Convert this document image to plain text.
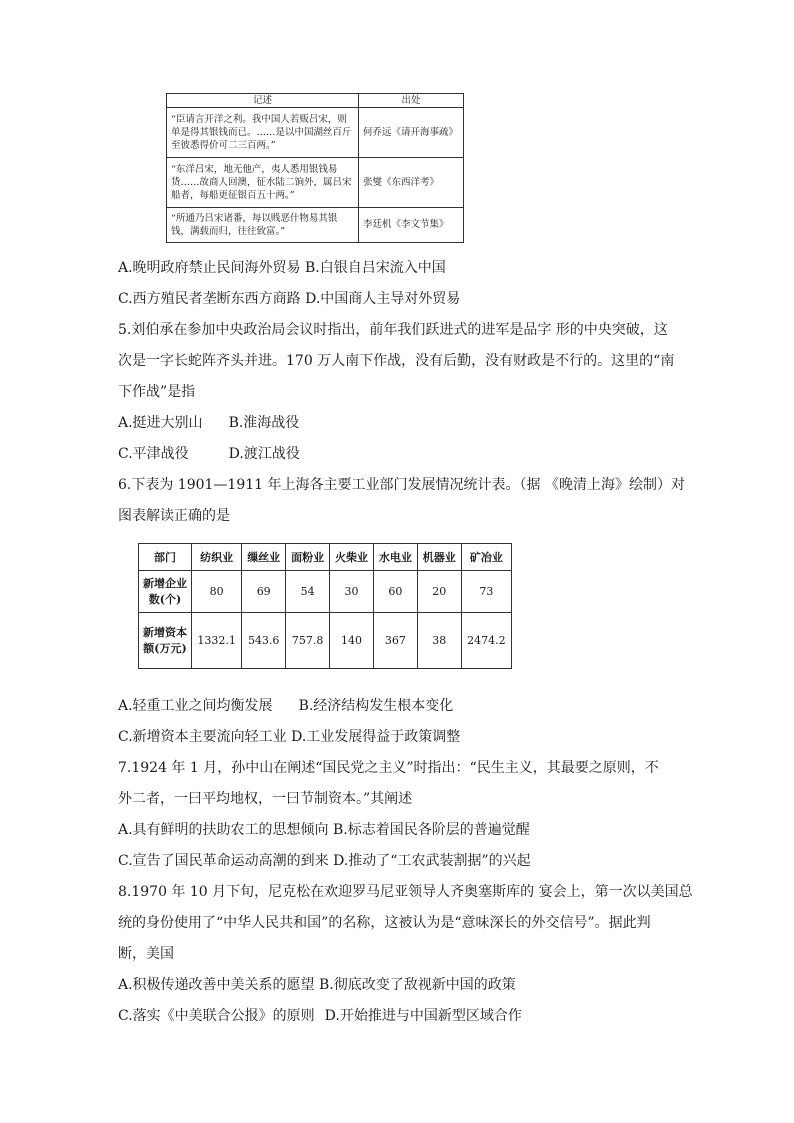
记述	出处
“臣请言开洋之利。我中国人若贩吕宋，则单是得其银钱而已。……是以中国湖丝百斤至彼悉得价可二三百两。”	何乔远《请开海事疏》
“东洋吕宋，地无他产，夷人悉用银钱易货……故商人回澳，征水陆二饷外，属吕宋船者，每船更征银百五十两。”	张燮《东西洋考》
“所通乃吕宋诸番，每以贱恶什物易其银钱，满载而归，往往致富。”	李廷机《李文节集》
A.晚明政府禁止民间海外贸易 B.白银自吕宋流入中国
C.西方殖民者垄断东西方商路 D.中国商人主导对外贸易
5.刘伯承在参加中央政治局会议时指出，前年我们跃进式的进军是品字 形的中央突破，这
次是一字长蛇阵齐头并进。170 万人南下作战，没有后勤，没有财政是不行的。这里的“南
下作战”是指
A.挺进大别山 B.淮海战役
C.平津战役	D.渡江战役
6.下表为 1901—1911 年上海各主要工业部门发展情况统计表。（据 《晚清上海》绘制）对
图表解读正确的是
部门	纺织业	缫丝业	面粉业	火柴业	水电业	机器业	矿冶业
新增企业数(个)	80	69	54	30	60	20	73
新增资本额(万元)	1332.1	543.6	757.8	140	367	38	2474.2
A.轻重工业之间均衡发展 B.经济结构发生根本变化
C.新增资本主要流向轻工业 D.工业发展得益于政策调整
7.1924 年 1 月，孙中山在阐述“国民党之主义”时指出：“民生主义，其最要之原则，不
外二者，一曰平均地权，一曰节制资本。”其阐述
A.具有鲜明的扶助农工的思想倾向 B.标志着国民各阶层的普遍觉醒
C.宣告了国民革命运动高潮的到来 D.推动了“工农武装割据”的兴起
8.1970 年 10 月下旬，尼克松在欢迎罗马尼亚领导人齐奥塞斯库的 宴会上，第一次以美国总
统的身份使用了“中华人民共和国”的名称，这被认为是“意味深长的外交信号”。据此判
断，美国
A.积极传递改善中美关系的愿望 B.彻底改变了敌视新中国的政策
C.落实《中美联合公报》的原则 D.开始推进与中国新型区域合作
